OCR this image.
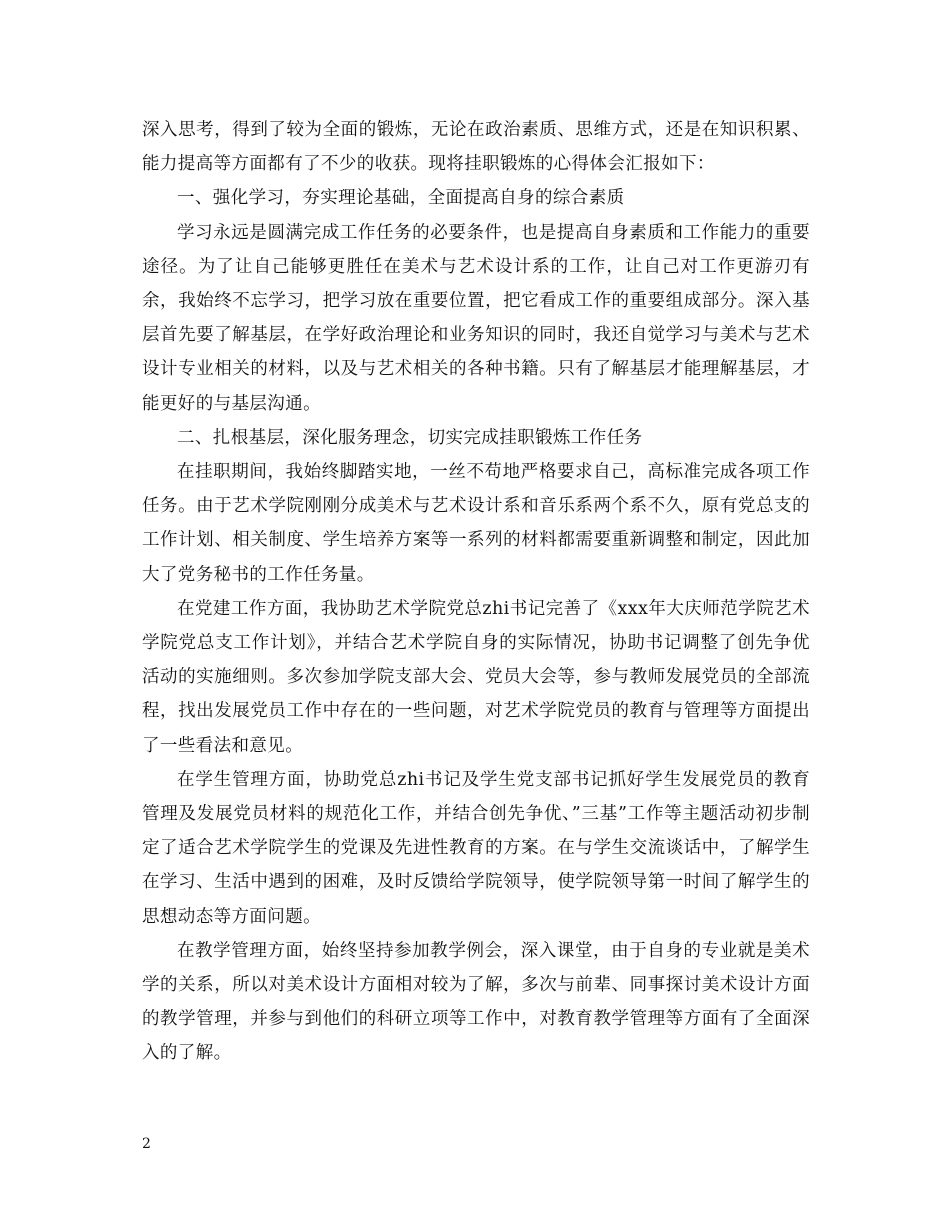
深入思考，得到了较为全面的锻炼，无论在政治素质、思维方式，还是在知识积累、能力提高等方面都有了不少的收获。现将挂职锻炼的心得体会汇报如下：

一、强化学习，夯实理论基础，全面提高自身的综合素质

学习永远是圆满完成工作任务的必要条件，也是提高自身素质和工作能力的重要途径。为了让自己能够更胜任在美术与艺术设计系的工作，让自己对工作更游刃有余，我始终不忘学习，把学习放在重要位置，把它看成工作的重要组成部分。深入基层首先要了解基层，在学好政治理论和业务知识的同时，我还自觉学习与美术与艺术设计专业相关的材料，以及与艺术相关的各种书籍。只有了解基层才能理解基层，才能更好的与基层沟通。

二、扎根基层，深化服务理念，切实完成挂职锻炼工作任务

在挂职期间，我始终脚踏实地，一丝不苟地严格要求自己，高标准完成各项工作任务。由于艺术学院刚刚分成美术与艺术设计系和音乐系两个系不久，原有党总支的工作计划、相关制度、学生培养方案等一系列的材料都需要重新调整和制定，因此加大了党务秘书的工作任务量。

在党建工作方面，我协助艺术学院党总zhi书记完善了《xxx年大庆师范学院艺术学院党总支工作计划》，并结合艺术学院自身的实际情况，协助书记调整了创先争优活动的实施细则。多次参加学院支部大会、党员大会等，参与教师发展党员的全部流程，找出发展党员工作中存在的一些问题，对艺术学院党员的教育与管理等方面提出了一些看法和意见。

在学生管理方面，协助党总zhi书记及学生党支部书记抓好学生发展党员的教育管理及发展党员材料的规范化工作，并结合创先争优、”三基”工作等主题活动初步制定了适合艺术学院学生的党课及先进性教育的方案。在与学生交流谈话中，了解学生在学习、生活中遇到的困难，及时反馈给学院领导，使学院领导第一时间了解学生的思想动态等方面问题。

在教学管理方面，始终坚持参加教学例会，深入课堂，由于自身的专业就是美术学的关系，所以对美术设计方面相对较为了解，多次与前辈、同事探讨美术设计方面的教学管理，并参与到他们的科研立项等工作中，对教育教学管理等方面有了全面深入的了解。

2
